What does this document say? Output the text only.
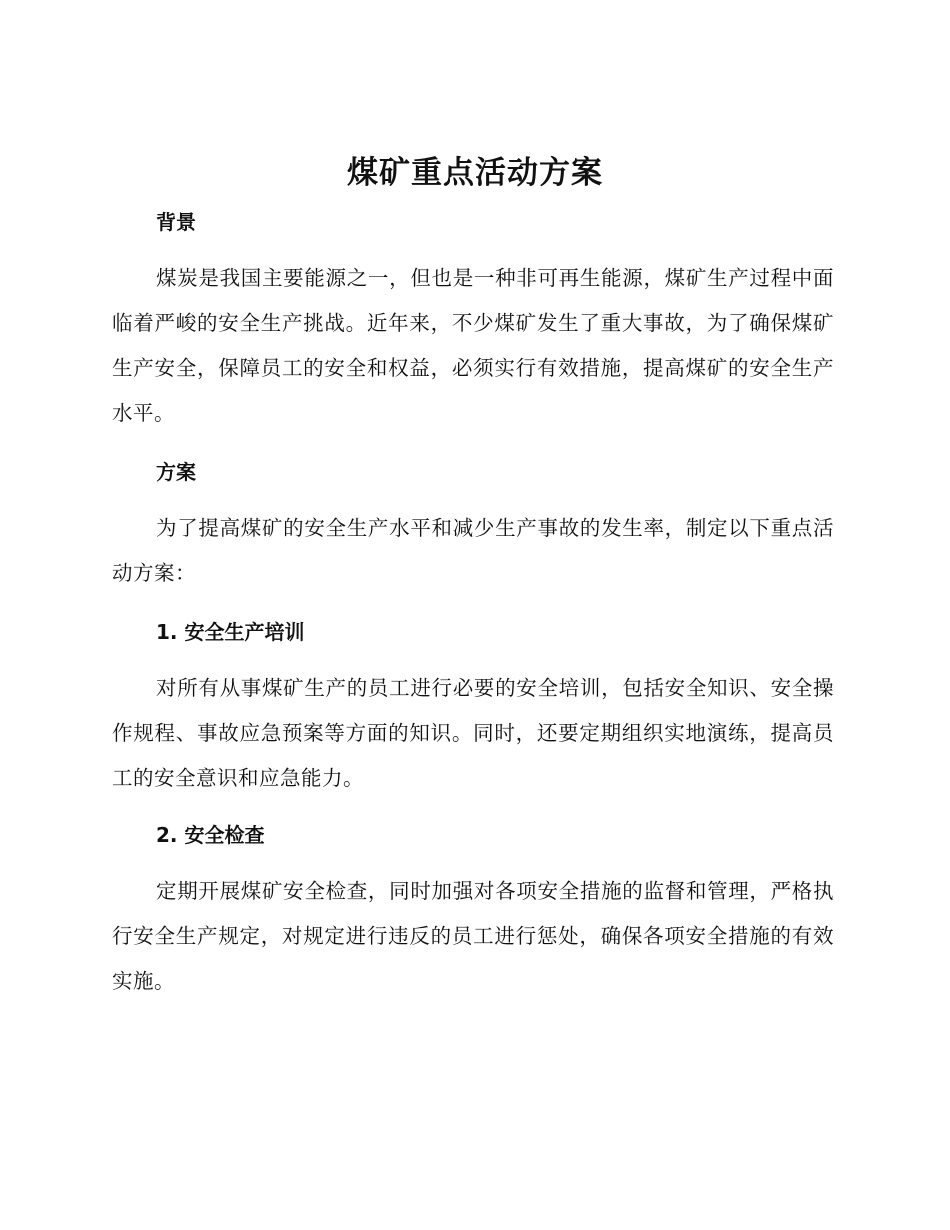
煤矿重点活动方案
背景
煤炭是我国主要能源之一，但也是一种非可再生能源，煤矿生产过程中面临着严峻的安全生产挑战。近年来，不少煤矿发生了重大事故，为了确保煤矿生产安全，保障员工的安全和权益，必须实行有效措施，提高煤矿的安全生产水平。
方案
为了提高煤矿的安全生产水平和减少生产事故的发生率，制定以下重点活动方案：
1. 安全生产培训
对所有从事煤矿生产的员工进行必要的安全培训，包括安全知识、安全操作规程、事故应急预案等方面的知识。同时，还要定期组织实地演练，提高员工的安全意识和应急能力。
2. 安全检查
定期开展煤矿安全检查，同时加强对各项安全措施的监督和管理，严格执行安全生产规定，对规定进行违反的员工进行惩处，确保各项安全措施的有效实施。
